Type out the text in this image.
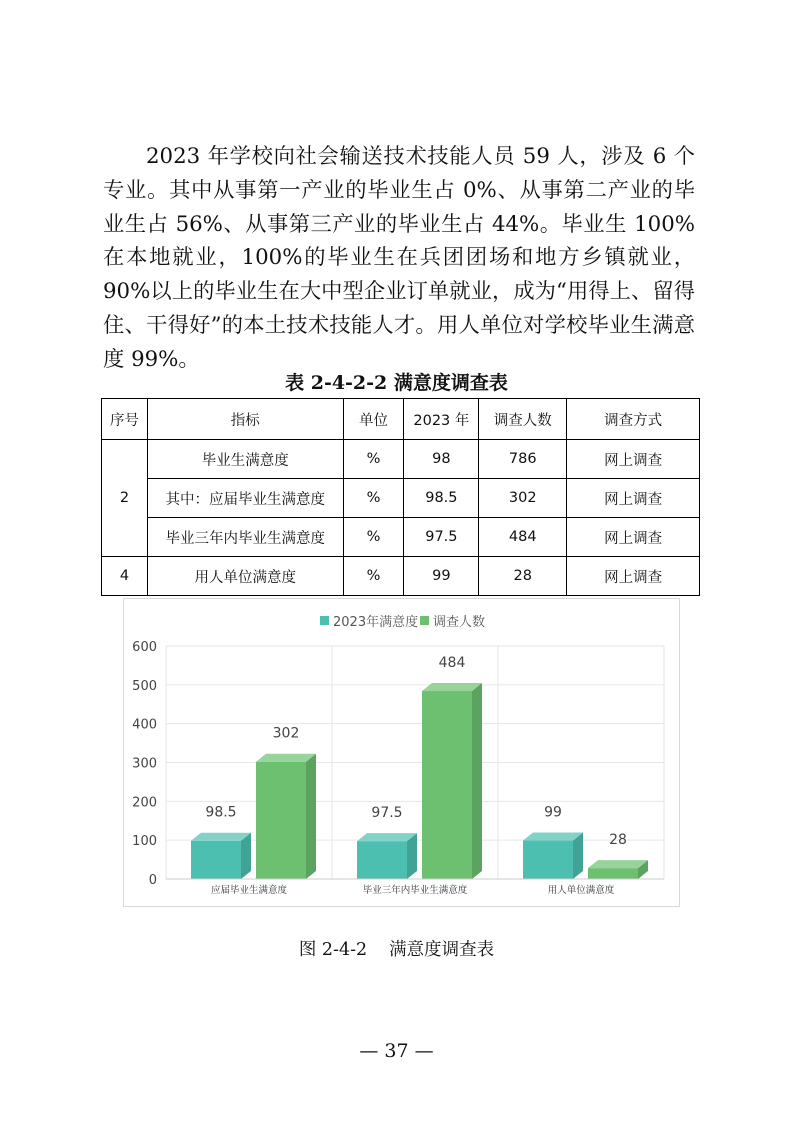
2023 年学校向社会输送技术技能人员 59 人，涉及 6 个专业。其中从事第一产业的毕业生占 0%、从事第二产业的毕业生占 56%、从事第三产业的毕业生占 44%。毕业生 100%在本地就业，100%的毕业生在兵团团场和地方乡镇就业，90%以上的毕业生在大中型企业订单就业，成为“用得上、留得住、干得好”的本土技术技能人才。用人单位对学校毕业生满意度 99%。

表 2-4-2-2 满意度调查表
序号	指标	单位	2023 年	调查人数	调查方式
2	毕业生满意度	%	98	786	网上调查
	其中：应届毕业生满意度	%	98.5	302	网上调查
	毕业三年内毕业生满意度	%	97.5	484	网上调查
4	用人单位满意度	%	99	28	网上调查
2023年满意度 调查人数
0
100
200
300
400
500
600
98.5
302
应届毕业生满意度
97.5
484
毕业三年内毕业生满意度
99
28
用人单位满意度
图 2-4-2 满意度调查表
— 37 —
